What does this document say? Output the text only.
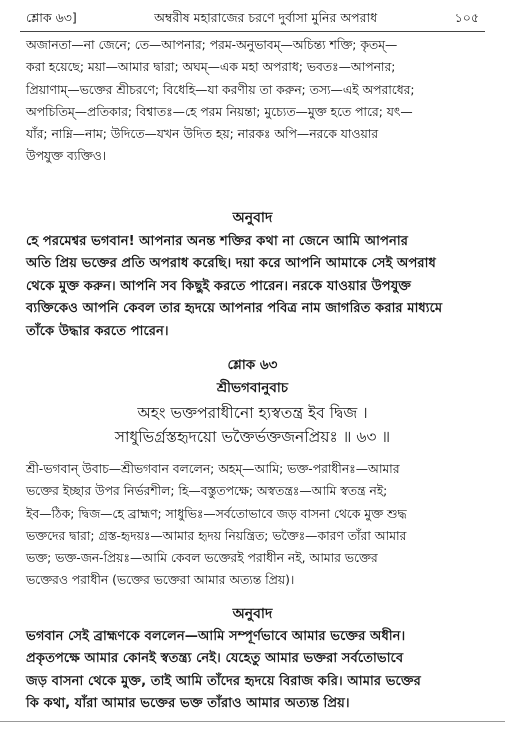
শ্লোক ৬৩]	অম্বরীষ মহারাজের চরণে দুর্বাসা মুনির অপরাধ	১০৫
অজানতা—না জেনে; তে—আপনার; পরম-অনুভাবম্—অচিন্ত্য শক্তি; কৃতম্—
করা হয়েছে; ময়া—আমার দ্বারা; অঘম্—এক মহা অপরাধ; ভবতঃ—আপনার;
প্রিয়াণাম্—ভক্তের শ্রীচরণে; বিধেহি—যা করণীয় তা করুন; তস্য—এই অপরাধের;
অপচিতিম্—প্রতিকার; বিশ্বাতঃ—হে পরম নিয়ন্তা; মুচ্যেত—মুক্ত হতে পারে; যৎ—
যাঁর; নাম্নি—নাম; উদিতে—যখন উদিত হয়; নারকঃ অপি—নরকে যাওয়ার
উপযুক্ত ব্যক্তিও।
অনুবাদ
হে পরমেশ্বর ভগবান! আপনার অনন্ত শক্তির কথা না জেনে আমি আপনার
অতি প্রিয় ভক্তের প্রতি অপরাধ করেছি। দয়া করে আপনি আমাকে সেই অপরাধ
থেকে মুক্ত করুন। আপনি সব কিছুই করতে পারেন। নরকে যাওয়ার উপযুক্ত
ব্যক্তিকেও আপনি কেবল তার হৃদয়ে আপনার পবিত্র নাম জাগরিত করার মাধ্যমে
তাঁকে উদ্ধার করতে পারেন।
শ্লোক ৬৩
শ্রীভগবানুবাচ
অহং ভক্তপরাধীনো হ্যস্বতন্ত্র ইব দ্বিজ ।
সাধুভির্গ্রস্তহৃদয়ো ভক্তৈর্ভক্তজনপ্রিয়ঃ ॥ ৬৩ ॥
শ্রী-ভগবান্ উবাচ—শ্রীভগবান বললেন; অহম্—আমি; ভক্ত-পরাধীনঃ—আমার
ভক্তের ইচ্ছার উপর নির্ভরশীল; হি—বস্তুতপক্ষে; অস্বতন্ত্রঃ—আমি স্বতন্ত্র নই;
ইব—ঠিক; দ্বিজ—হে ব্রাহ্মণ; সাধুভিঃ—সর্বতোভাবে জড় বাসনা থেকে মুক্ত শুদ্ধ
ভক্তদের দ্বারা; গ্রস্ত-হৃদয়ঃ—আমার হৃদয় নিয়ন্ত্রিত; ভক্তৈঃ—কারণ তাঁরা আমার
ভক্ত; ভক্ত-জন-প্রিয়ঃ—আমি কেবল ভক্তেরই পরাধীন নই, আমার ভক্তের
ভক্তেরও পরাধীন (ভক্তের ভক্তেরা আমার অত্যন্ত প্রিয়)।
অনুবাদ
ভগবান সেই ব্রাহ্মণকে বললেন—আমি সম্পূর্ণভাবে আমার ভক্তের অধীন।
প্রকৃতপক্ষে আমার কোনই স্বতন্ত্র্য নেই। যেহেতু আমার ভক্তরা সর্বতোভাবে
জড় বাসনা থেকে মুক্ত, তাই আমি তাঁদের হৃদয়ে বিরাজ করি। আমার ভক্তের
কি কথা, যাঁরা আমার ভক্তের ভক্ত তাঁরাও আমার অত্যন্ত প্রিয়।
